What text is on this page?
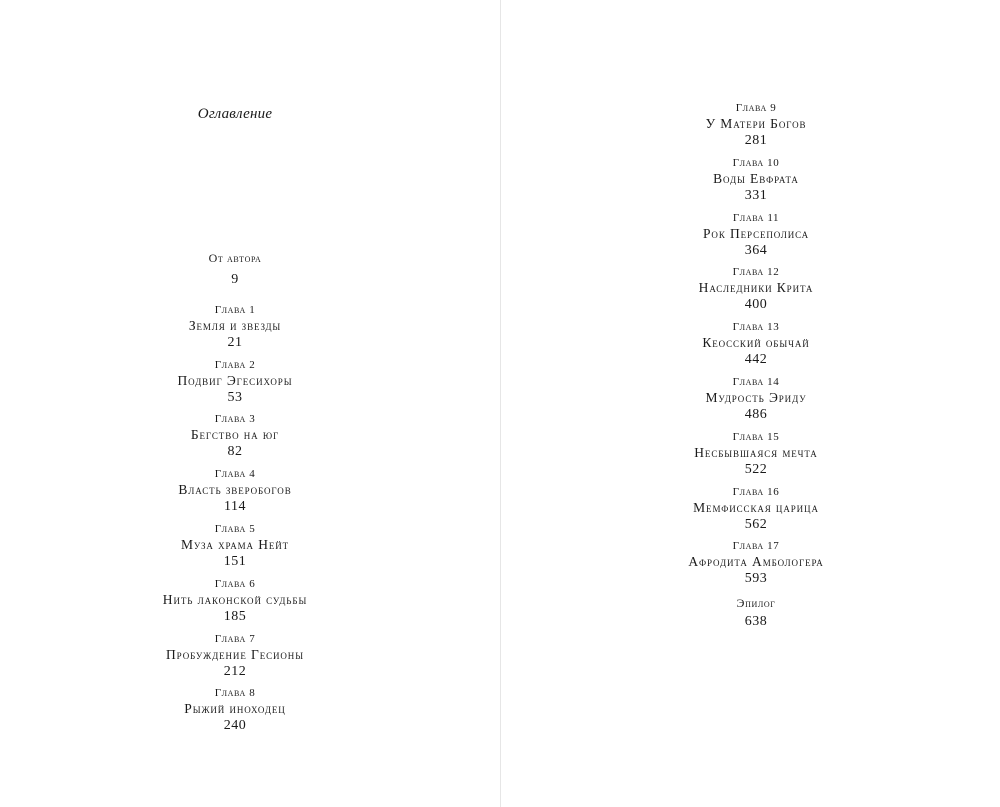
Оглавление
От автора
9
Глава 1
Земля и звезды
21
Глава 2
Подвиг Эгесихоры
53
Глава 3
Бегство на юг
82
Глава 4
Власть зверобогов
114
Глава 5
Муза храма Нейт
151
Глава 6
Нить лаконской судьбы
185
Глава 7
Пробуждение Гесионы
212
Глава 8
Рыжий иноходец
240
Глава 9
У Матери Богов
281
Глава 10
Воды Евфрата
331
Глава 11
Рок Персеполиса
364
Глава 12
Наследники Крита
400
Глава 13
Кеосский обычай
442
Глава 14
Мудрость Эриду
486
Глава 15
Несбывшаяся мечта
522
Глава 16
Мемфисская царица
562
Глава 17
Афродита Амбологера
593
Эпилог
638
